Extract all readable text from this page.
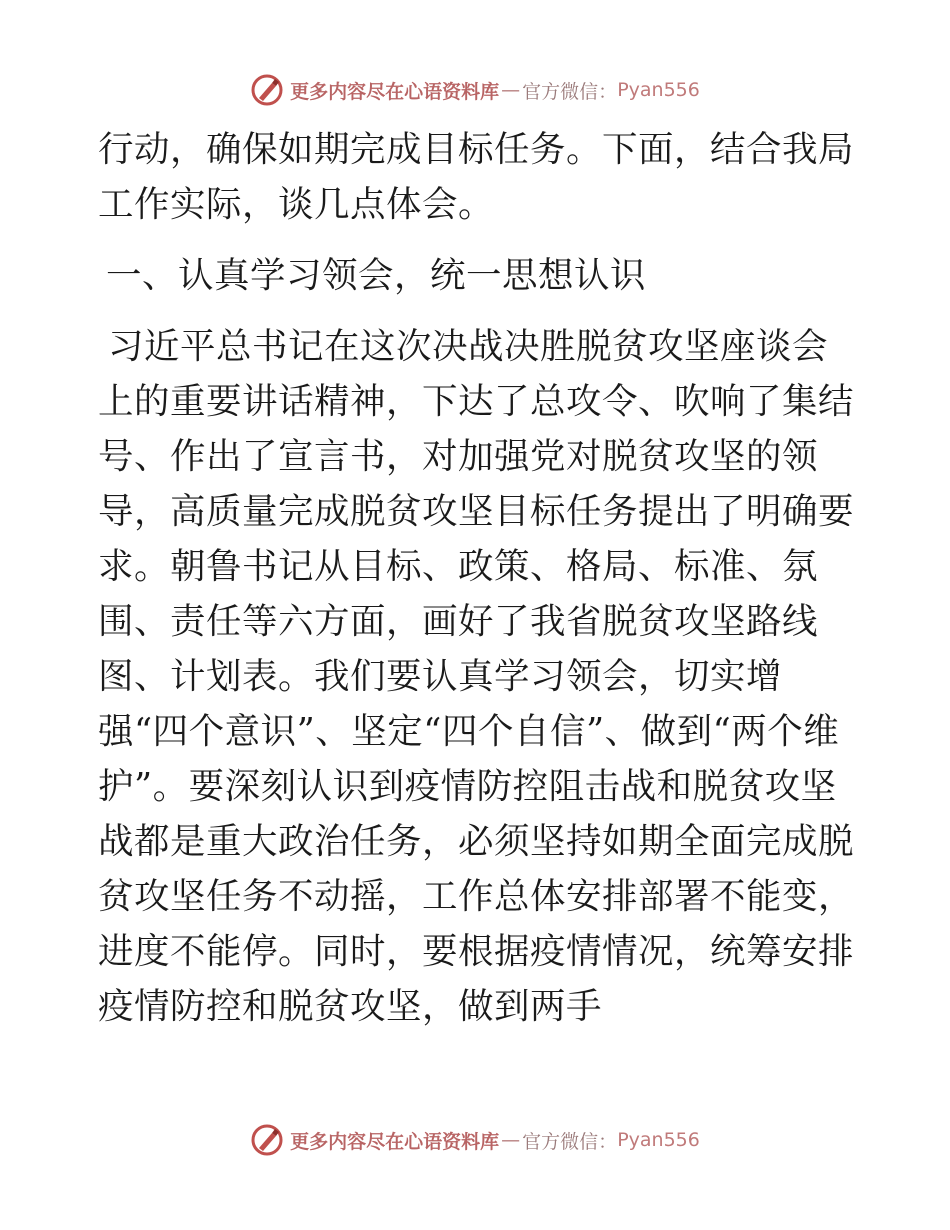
更多内容尽在心语资料库 — 官方微信： Pyan556

行动，确保如期完成目标任务。下面，结合我局工作实际，谈几点体会。

一、认真学习领会，统一思想认识

习近平总书记在这次决战决胜脱贫攻坚座谈会上的重要讲话精神，下达了总攻令、吹响了集结号、作出了宣言书，对加强党对脱贫攻坚的领导，高质量完成脱贫攻坚目标任务提出了明确要求。朝鲁书记从目标、政策、格局、标准、氛围、责任等六方面，画好了我省脱贫攻坚路线图、计划表。我们要认真学习领会，切实增强“四个意识”、坚定“四个自信”、做到“两个维护”。要深刻认识到疫情防控阻击战和脱贫攻坚战都是重大政治任务，必须坚持如期全面完成脱贫攻坚任务不动摇，工作总体安排部署不能变，进度不能停。同时，要根据疫情情况，统筹安排疫情防控和脱贫攻坚，做到两手

更多内容尽在心语资料库 — 官方微信： Pyan556
